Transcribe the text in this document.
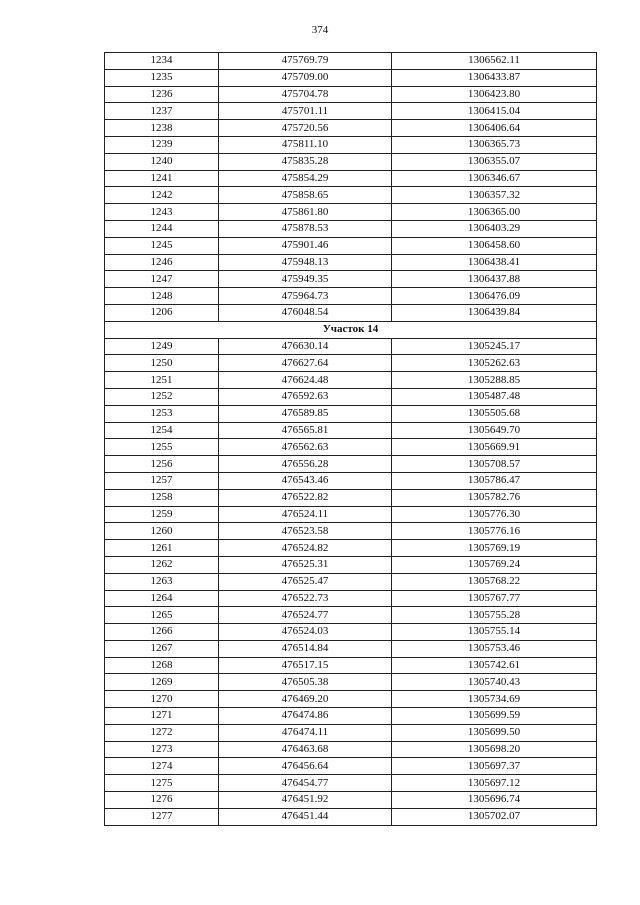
374
1234	475769.79	1306562.11
1235	475709.00	1306433.87
1236	475704.78	1306423.80
1237	475701.11	1306415.04
1238	475720.56	1306406.64
1239	475811.10	1306365.73
1240	475835.28	1306355.07
1241	475854.29	1306346.67
1242	475858.65	1306357.32
1243	475861.80	1306365.00
1244	475878.53	1306403.29
1245	475901.46	1306458.60
1246	475948.13	1306438.41
1247	475949.35	1306437.88
1248	475964.73	1306476.09
1206	476048.54	1306439.84
Участок 14		
1249	476630.14	1305245.17
1250	476627.64	1305262.63
1251	476624.48	1305288.85
1252	476592.63	1305487.48
1253	476589.85	1305505.68
1254	476565.81	1305649.70
1255	476562.63	1305669.91
1256	476556.28	1305708.57
1257	476543.46	1305786.47
1258	476522.82	1305782.76
1259	476524.11	1305776.30
1260	476523.58	1305776.16
1261	476524.82	1305769.19
1262	476525.31	1305769.24
1263	476525.47	1305768.22
1264	476522.73	1305767.77
1265	476524.77	1305755.28
1266	476524.03	1305755.14
1267	476514.84	1305753.46
1268	476517.15	1305742.61
1269	476505.38	1305740.43
1270	476469.20	1305734.69
1271	476474.86	1305699.59
1272	476474.11	1305699.50
1273	476463.68	1305698.20
1274	476456.64	1305697.37
1275	476454.77	1305697.12
1276	476451.92	1305696.74
1277	476451.44	1305702.07
